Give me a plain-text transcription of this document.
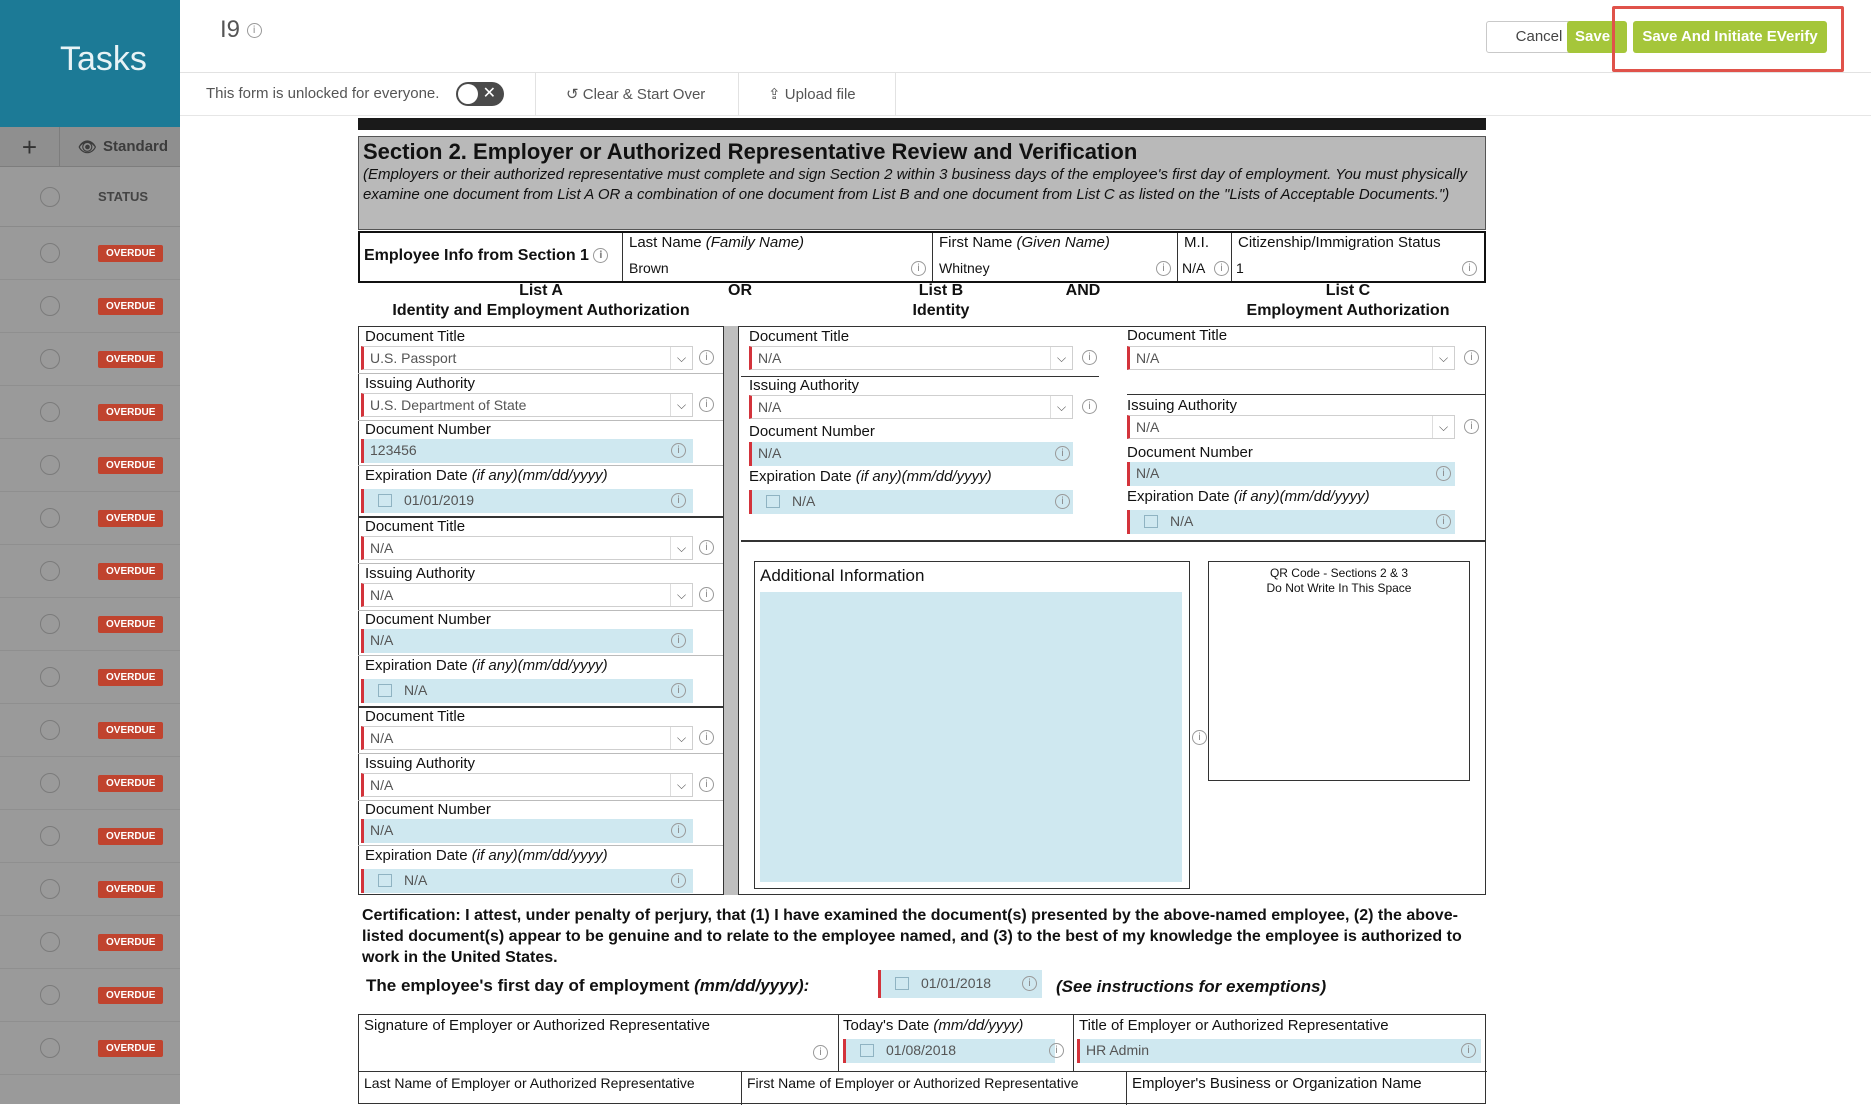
Tasks
+	👁 Standard
STATUS
OVERDUE
OVERDUE
OVERDUE
OVERDUE
OVERDUE
OVERDUE
OVERDUE
OVERDUE
OVERDUE
OVERDUE
OVERDUE
OVERDUE
OVERDUE
OVERDUE
OVERDUE
OVERDUE
I9 i	Cancel Save	Save And Initiate EVerify
This form is unlocked for everyone.	✕	↺ Clear & Start Over	⇪ Upload file
Section 2. Employer or Authorized Representative Review and Verification
(Employers or their authorized representative must complete and sign Section 2 within 3 business days of the employee's first day of employment. You must physically examine one document from List A OR a combination of one document from List B and one document from List C as listed on the "Lists of Acceptable Documents.")
Employee Info from Section 1 i
Last Name (Family Name)
Brown	i
First Name (Given Name)
Whitney	i
M.I.
N/A	i
Citizenship/Immigration Status
1	i
List A
Identity and Employment Authorization
OR	List B
Identity
AND	List C
Employment Authorization
Document Title
U.S. Passport	⌵	i
Issuing Authority
U.S. Department of State	⌵	i
Document Number
123456	i
Expiration Date (if any)(mm/dd/yyyy)
01/01/2019	i
Document Title
N/A	⌵	i
Issuing Authority
N/A	⌵	i
Document Number
N/A	i
Expiration Date (if any)(mm/dd/yyyy)
N/A	i
Document Title
N/A	⌵	i
Issuing Authority
N/A	⌵	i
Document Number
N/A	i
Expiration Date (if any)(mm/dd/yyyy)
N/A	i
Document Title
N/A	⌵	i
Issuing Authority
N/A	⌵	i
Document Number
N/A	i
Expiration Date (if any)(mm/dd/yyyy)
N/A	i
Document Title
N/A	⌵	i
Issuing Authority
N/A	⌵	i
Document Number
N/A	i
Expiration Date (if any)(mm/dd/yyyy)
N/A	i
Additional Information
i
QR Code - Sections 2 & 3
Do Not Write In This Space
Certification: I attest, under penalty of perjury, that (1) I have examined the document(s) presented by the above-named employee, (2) the above-listed document(s) appear to be genuine and to relate to the employee named, and (3) to the best of my knowledge the employee is authorized to work in the United States.
The employee's first day of employment (mm/dd/yyyy):	01/01/2018	i	(See instructions for exemptions)
Signature of Employer or Authorized Representative
i
Today's Date (mm/dd/yyyy)
01/08/2018	i
Title of Employer or Authorized Representative
HR Admin	i
Last Name of Employer or Authorized Representative	First Name of Employer or Authorized Representative	Employer's Business or Organization Name
